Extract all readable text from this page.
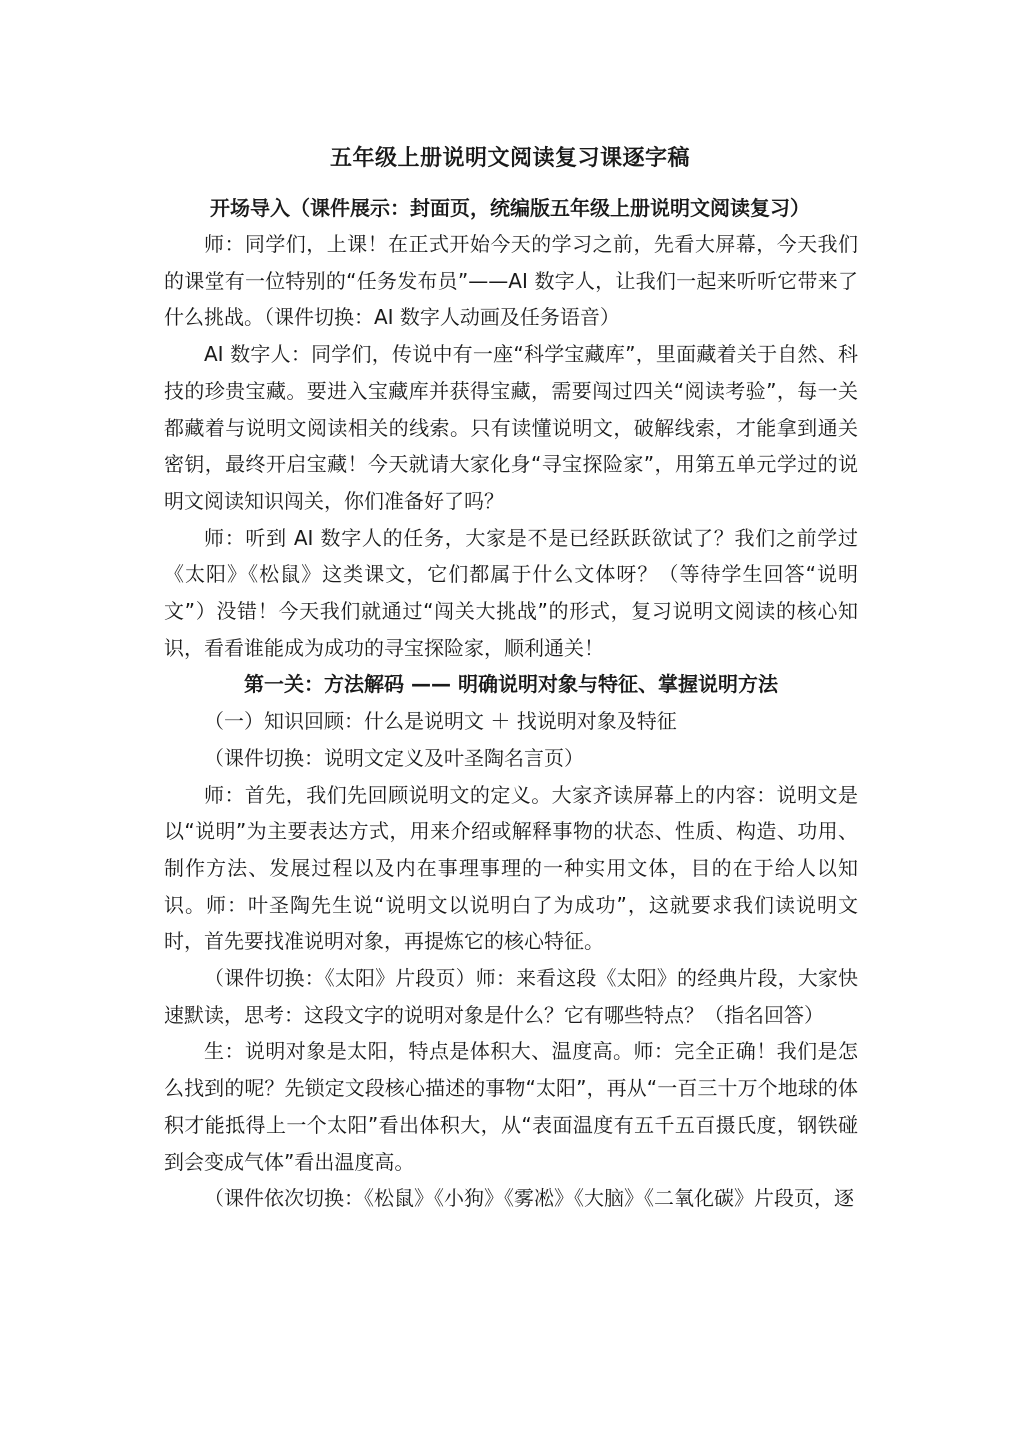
五年级上册说明文阅读复习课逐字稿
开场导入（课件展示：封面页，统编版五年级上册说明文阅读复习）

师：同学们，上课！在正式开始今天的学习之前，先看大屏幕，今天我们的课堂有一位特别的“任务发布员”——AI 数字人，让我们一起来听听它带来了什么挑战。（课件切换：AI 数字人动画及任务语音）

AI 数字人：同学们，传说中有一座“科学宝藏库”，里面藏着关于自然、科技的珍贵宝藏。要进入宝藏库并获得宝藏，需要闯过四关“阅读考验”，每一关都藏着与说明文阅读相关的线索。只有读懂说明文，破解线索，才能拿到通关密钥，最终开启宝藏！今天就请大家化身“寻宝探险家”，用第五单元学过的说明文阅读知识闯关，你们准备好了吗？

师：听到 AI 数字人的任务，大家是不是已经跃跃欲试了？我们之前学过《太阳》《松鼠》这类课文，它们都属于什么文体呀？（等待学生回答“说明文”）没错！今天我们就通过“闯关大挑战”的形式，复习说明文阅读的核心知识，看看谁能成为成功的寻宝探险家，顺利通关！

第一关：方法解码 —— 明确说明对象与特征、掌握说明方法

（一）知识回顾：什么是说明文 ＋ 找说明对象及特征

（课件切换：说明文定义及叶圣陶名言页）

师：首先，我们先回顾说明文的定义。大家齐读屏幕上的内容：说明文是以“说明”为主要表达方式，用来介绍或解释事物的状态、性质、构造、功用、制作方法、发展过程以及内在事理事理的一种实用文体，目的在于给人以知识。师：叶圣陶先生说“说明文以说明白了为成功”，这就要求我们读说明文时，首先要找准说明对象，再提炼它的核心特征。

（课件切换：《太阳》片段页）师：来看这段《太阳》的经典片段，大家快速默读，思考：这段文字的说明对象是什么？它有哪些特点？（指名回答）

生：说明对象是太阳，特点是体积大、温度高。师：完全正确！我们是怎么找到的呢？先锁定文段核心描述的事物“太阳”，再从“一百三十万个地球的体积才能抵得上一个太阳”看出体积大，从“表面温度有五千五百摄氏度，钢铁碰到会变成气体”看出温度高。

（课件依次切换：《松鼠》《小狗》《雾凇》《大脑》《二氧化碳》片段页，逐
